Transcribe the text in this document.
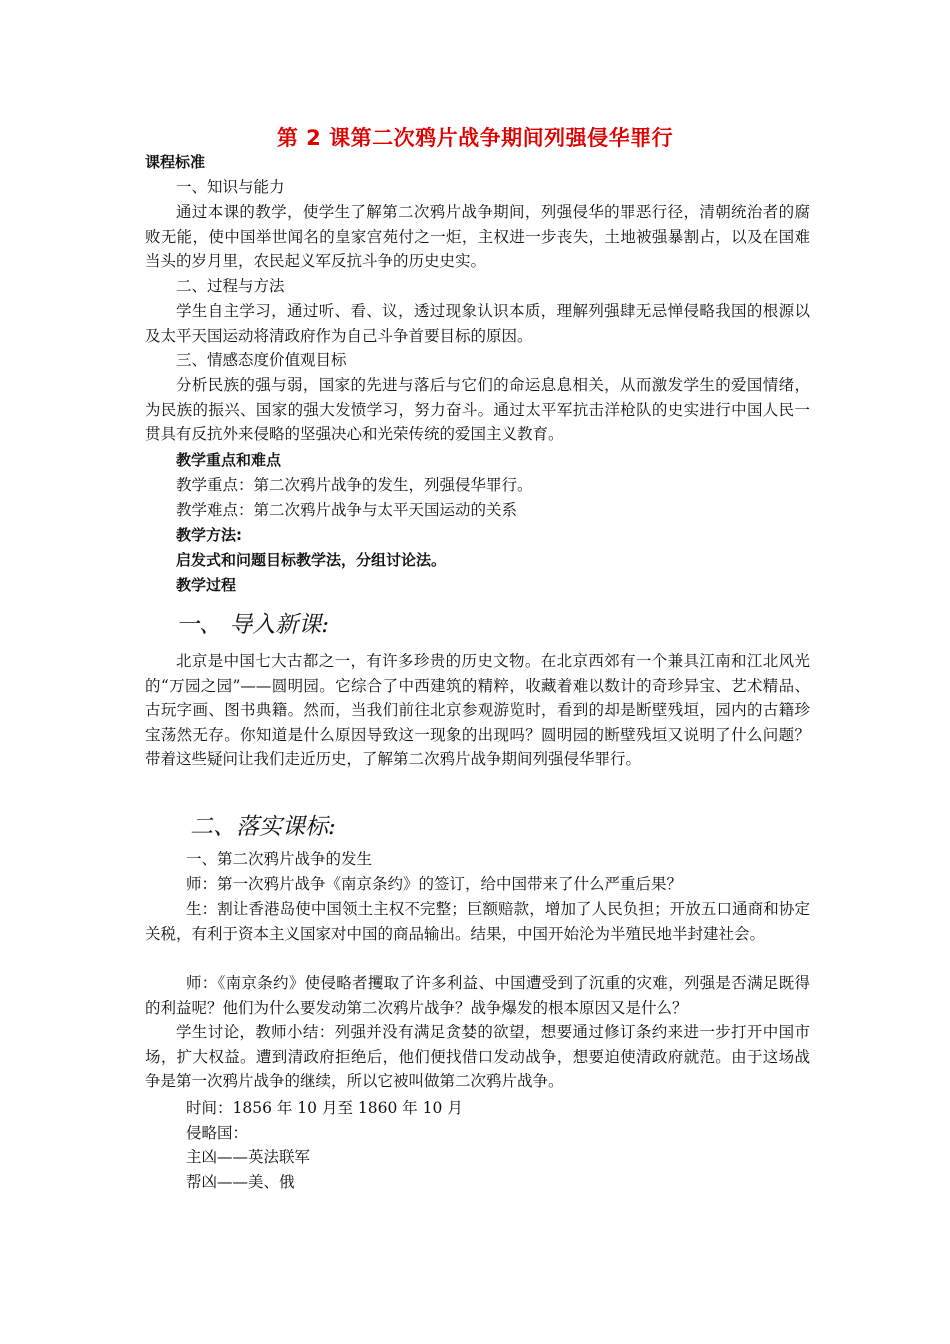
第 2 课第二次鸦片战争期间列强侵华罪行
课程标准
一、知识与能力
通过本课的教学，使学生了解第二次鸦片战争期间，列强侵华的罪恶行径，清朝统治者的腐败无能，使中国举世闻名的皇家宫苑付之一炬，主权进一步丧失，土地被强暴割占，以及在国难当头的岁月里，农民起义军反抗斗争的历史史实。
二、过程与方法
学生自主学习，通过听、看、议，透过现象认识本质，理解列强肆无忌惮侵略我国的根源以及太平天国运动将清政府作为自己斗争首要目标的原因。
三、情感态度价值观目标
分析民族的强与弱，国家的先进与落后与它们的命运息息相关，从而激发学生的爱国情绪，为民族的振兴、国家的强大发愤学习，努力奋斗。通过太平军抗击洋枪队的史实进行中国人民一贯具有反抗外来侵略的坚强决心和光荣传统的爱国主义教育。
教学重点和难点
教学重点：第二次鸦片战争的发生，列强侵华罪行。
教学难点：第二次鸦片战争与太平天国运动的关系
教学方法:
启发式和问题目标教学法，分组讨论法。
教学过程
一、 导入新课:
北京是中国七大古都之一，有许多珍贵的历史文物。在北京西郊有一个兼具江南和江北风光的“万园之园”——圆明园。它综合了中西建筑的精粹，收藏着难以数计的奇珍异宝、艺术精品、古玩字画、图书典籍。然而，当我们前往北京参观游览时，看到的却是断壁残垣，园内的古籍珍宝荡然无存。你知道是什么原因导致这一现象的出现吗？圆明园的断壁残垣又说明了什么问题？带着这些疑问让我们走近历史，了解第二次鸦片战争期间列强侵华罪行。
二、落实课标:
一、第二次鸦片战争的发生
师：第一次鸦片战争《南京条约》的签订，给中国带来了什么严重后果？
生：割让香港岛使中国领土主权不完整；巨额赔款，增加了人民负担；开放五口通商和协定关税，有利于资本主义国家对中国的商品输出。结果，中国开始沦为半殖民地半封建社会。
师：《南京条约》使侵略者攫取了许多利益、中国遭受到了沉重的灾难，列强是否满足既得的利益呢？他们为什么要发动第二次鸦片战争？战争爆发的根本原因又是什么？
学生讨论，教师小结：列强并没有满足贪婪的欲望，想要通过修订条约来进一步打开中国市场，扩大权益。遭到清政府拒绝后，他们便找借口发动战争，想要迫使清政府就范。由于这场战争是第一次鸦片战争的继续，所以它被叫做第二次鸦片战争。
时间：1856 年 10 月至 1860 年 10 月
侵略国：
主凶——英法联军
帮凶——美、俄
